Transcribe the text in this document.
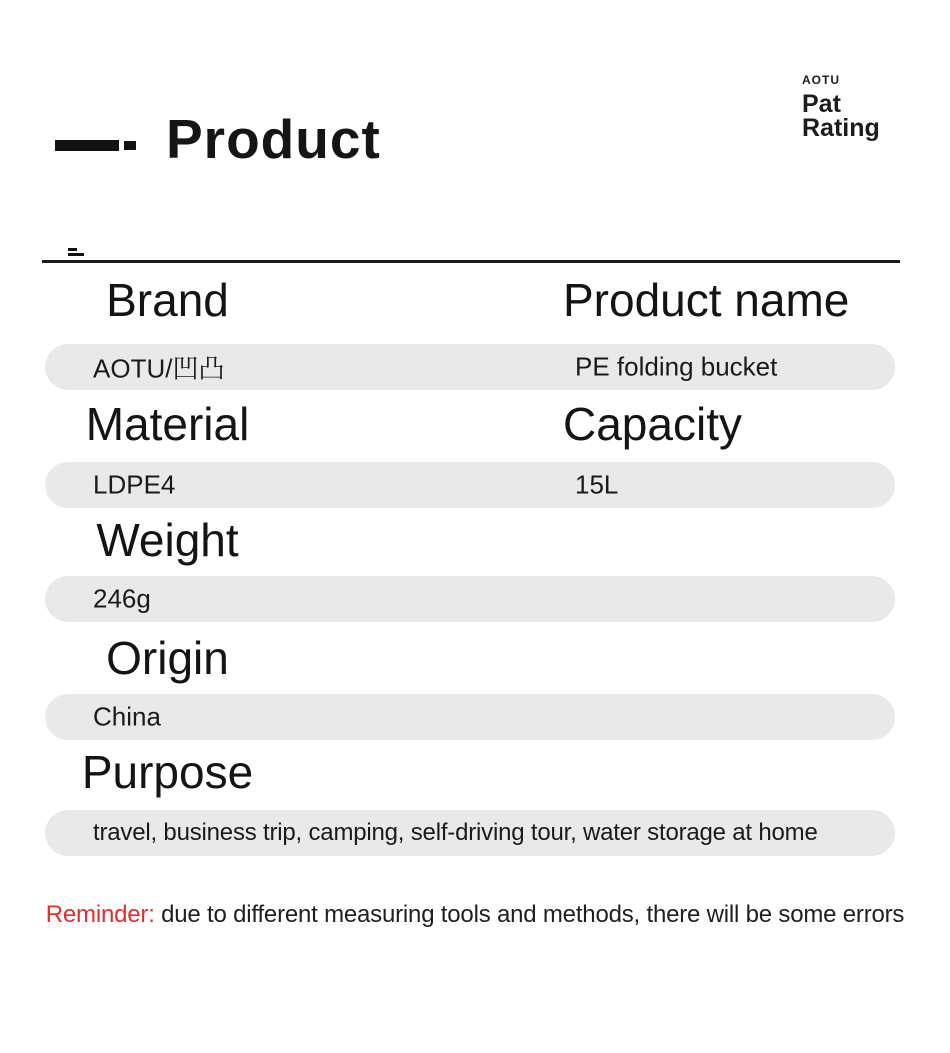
Product
AOTU
Pat
Rating
Brand	Product name
AOTU/凹凸	PE folding bucket
Material	Capacity
LDPE4	15L
Weight
246g
Origin
China
Purpose
travel, business trip, camping, self-driving tour, water storage at home
Reminder: due to different measuring tools and methods, there will be some errors
